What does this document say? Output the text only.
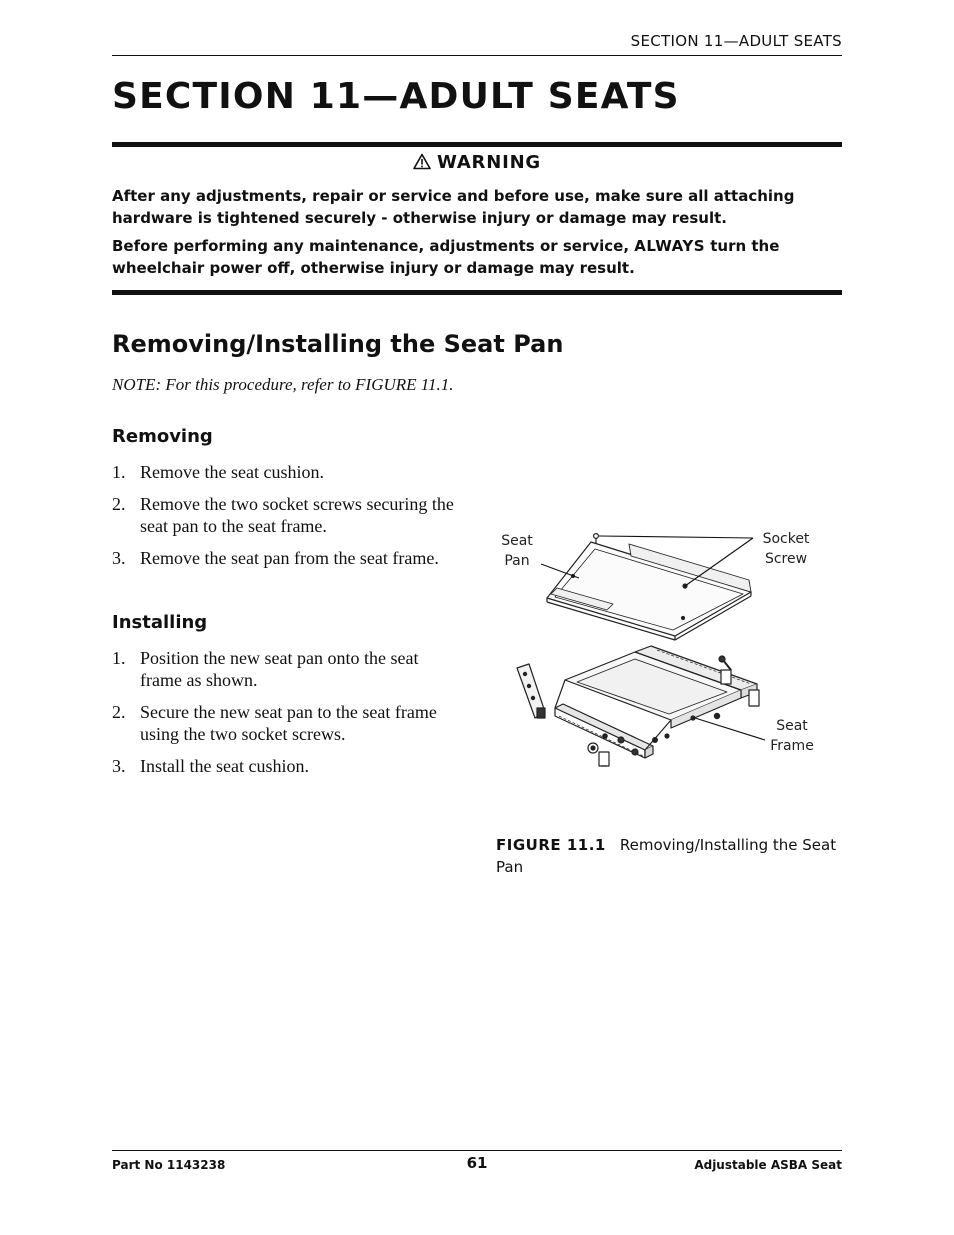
SECTION 11—ADULT SEATS
SECTION 11—ADULT SEATS
WARNING

After any adjustments, repair or service and before use, make sure all attaching hardware is tightened securely - otherwise injury or damage may result.

Before performing any maintenance, adjustments or service, ALWAYS turn the wheelchair power off, otherwise injury or damage may result.

Removing/Installing the Seat Pan
NOTE: For this procedure, refer to FIGURE 11.1.
Removing
1. Remove the seat cushion.
2. Remove the two socket screws securing the seat pan to the seat frame.
3. Remove the seat pan from the seat frame.
Installing
1. Position the new seat pan onto the seat frame as shown.
2. Secure the new seat pan to the seat frame using the two socket screws.
3. Install the seat cushion.
Seat
Pan
Socket
Screw
Seat
Frame
FIGURE 11.1 Removing/Installing the Seat Pan
Part No 1143238	61	Adjustable ASBA Seat
